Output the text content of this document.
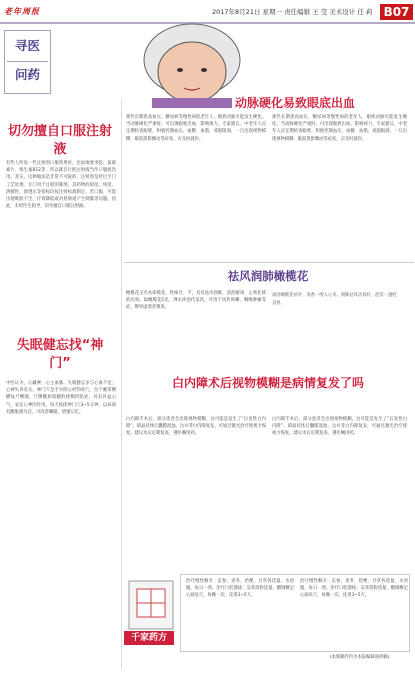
老年周报	2017年8月21日 星期一 责任编辑 王 莹 美术设计 任 莉 B07
寻医
问药
切勿擅自口服注射液
有些人听说一些注射剂口服效果好，比如地塞米松、氯霉素片、维生素B12等，所以就自行把注射液当作口服液饮用。其实，这种做法是非常不可取的。注射剂是经过专门工艺处理、专门用于注射的制剂，其药物的浓度、纯度、溶解性、渗透压等指标均按注射标准制定，若口服，可能出现吸收不全、疗效降低或对胃肠道产生刺激等问题。因此，未经医生指导，切勿擅自口服注射液。
失眠健忘找“神门”
中医认为，心藏神，心主血脉。失眠健忘多与心血不足、心神失养有关。神门穴是手少阴心经的原穴，位于腕掌侧横纹尺侧端，尺侧腕屈肌腱的桡侧凹陷处，具有补益心气、安定心神的作用。每天按揉神门穴3~5分钟，以局部有酸胀感为宜，可改善睡眠、增强记忆。
动脉硬化易致眼底出血
那些长期患高血压、糖尿病等慢性病的老年人，眼底动脉可能发生硬化。当动脉硬化严重时，可出现眼底出血，影响视力。专家建议，中老年人应定期检查眼底，积极控制血压、血糖、血脂，戒烟限酒，一旦出现视物模糊、眼前黑影飘动等症状，应及时就医。
那些长期患高血压、糖尿病等慢性病的老年人，眼底动脉可能发生硬化。当动脉硬化严重时，可出现眼底出血，影响视力。专家建议，中老年人应定期检查眼底，积极控制血压、血糖、血脂，戒烟限酒，一旦出现视物模糊、眼前黑影飘动等症状，应及时就医。
祛风润肺橄榄花
橄榄花又名木犀榄花，性味甘、平，具有祛风润肺、清热解毒、止咳化痰的功效。取橄榄花5克，沸水冲泡代茶饮，可用于风热咳嗽、咽喉肿痛等症。脾胃虚寒者慎用。
南国橄榄花初开，清香一缕入心来。润肺祛风功效好，泡茶一盏胜良材。
白内障术后视物模糊是病情复发了吗
白内障手术后，部分患者会出现视物模糊，这可能是发生了“后发性白内障”，即晶状体后囊膜混浊。这并非白内障复发，可通过激光治疗使视力恢复。建议术后定期复查，遵医嘱用药。
白内障手术后，部分患者会出现视物模糊，这可能是发生了“后发性白内障”，即晶状体后囊膜混浊。这并非白内障复发，可通过激光治疗使视力恢复。建议术后定期复查，遵医嘱用药。
千家药方
治疗慢性咽炎：玄参、麦冬、桔梗、甘草各适量，水煎服，每日一剂。治疗口腔溃疡：吴茱萸粉适量，醋调敷足心涌泉穴，每晚一次，连用3~5天。
治疗慢性咽炎：玄参、麦冬、桔梗、甘草各适量，水煎服，每日一剂。治疗口腔溃疡：吴茱萸粉适量，醋调敷足心涌泉穴，每晚一次，连用3~5天。
(本版稿件均为本报编辑部供稿)
